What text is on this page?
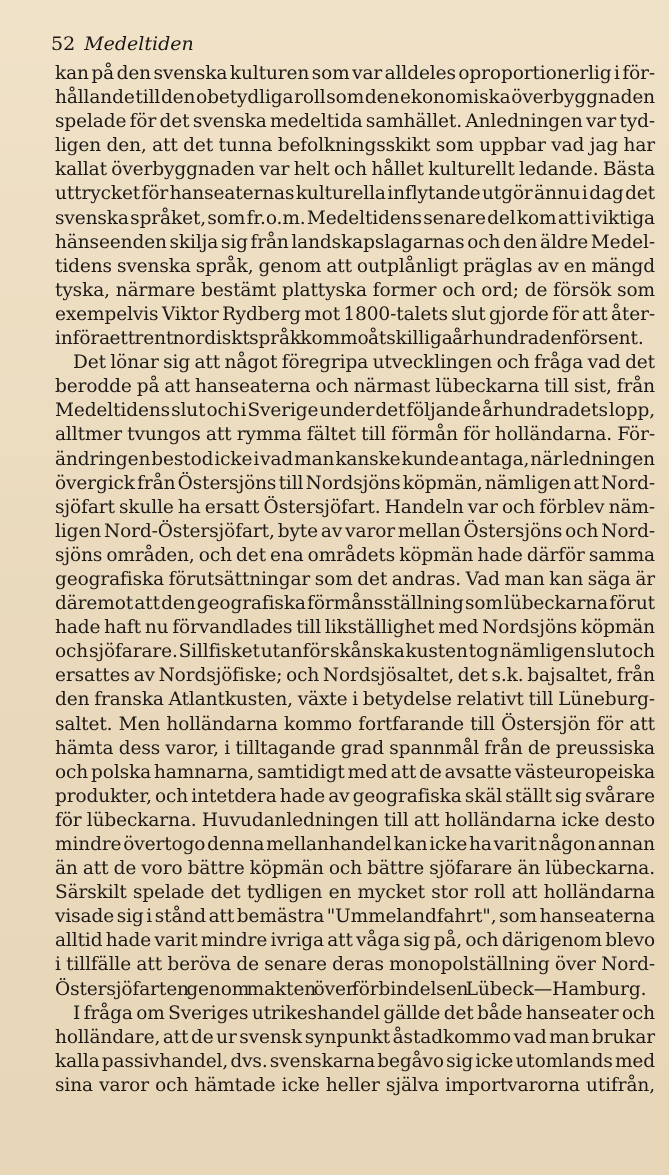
52 Medeltiden
kan på den svenska kulturen som var alldeles oproportionerlig i för-
hållande till den obetydliga roll som den ekonomiska överbyggnaden
spelade för det svenska medeltida samhället. Anledningen var tyd-
ligen den, att det tunna befolkningsskikt som uppbar vad jag har
kallat överbyggnaden var helt och hållet kulturellt ledande. Bästa
uttrycket för hanseaternas kulturella inflytande utgör ännu i dag det
svenska språket, som fr.o.m. Medeltidens senare del kom att i viktiga
hänseenden skilja sig från landskapslagarnas och den äldre Medel-
tidens svenska språk, genom att outplånligt präglas av en mängd
tyska, närmare bestämt plattyska former och ord; de försök som
exempelvis Viktor Rydberg mot 1800-talets slut gjorde för att åter-
införa ett rent nordiskt språk kommo åtskilliga århundraden för sent.
Det lönar sig att något föregripa utvecklingen och fråga vad det
berodde på att hanseaterna och närmast lübeckarna till sist, från
Medeltidens slut och i Sverige under det följande århundradets lopp,
alltmer tvungos att rymma fältet till förmån för holländarna. För-
ändringen bestod icke i vad man kanske kunde antaga, när ledningen
övergick från Östersjöns till Nordsjöns köpmän, nämligen att Nord-
sjöfart skulle ha ersatt Östersjöfart. Handeln var och förblev näm-
ligen Nord-Östersjöfart, byte av varor mellan Östersjöns och Nord-
sjöns områden, och det ena områdets köpmän hade därför samma
geografiska förutsättningar som det andras. Vad man kan säga är
däremot att den geografiska förmånsställning som lübeckarna förut
hade haft nu förvandlades till likställighet med Nordsjöns köpmän
och sjöfarare. Sillfisket utanför skånska kusten tog nämligen slut och
ersattes av Nordsjöfiske; och Nordsjösaltet, det s.k. bajsaltet, från
den franska Atlantkusten, växte i betydelse relativt till Lüneburg-
saltet. Men holländarna kommo fortfarande till Östersjön för att
hämta dess varor, i tilltagande grad spannmål från de preussiska
och polska hamnarna, samtidigt med att de avsatte västeuropeiska
produkter, och intetdera hade av geografiska skäl ställt sig svårare
för lübeckarna. Huvudanledningen till att holländarna icke desto
mindre övertogo denna mellanhandel kan icke ha varit någon annan
än att de voro bättre köpmän och bättre sjöfarare än lübeckarna.
Särskilt spelade det tydligen en mycket stor roll att holländarna
visade sig i stånd att bemästra "Ummelandfahrt", som hanseaterna
alltid hade varit mindre ivriga att våga sig på, och därigenom blevo
i tillfälle att beröva de senare deras monopolställning över Nord-
Östersjöfarten genom makten över förbindelsen Lübeck—Hamburg.
I fråga om Sveriges utrikeshandel gällde det både hanseater och
holländare, att de ur svensk synpunkt åstadkommo vad man brukar
kalla passivhandel, dvs. svenskarna begåvo sig icke utomlands med
sina varor och hämtade icke heller själva importvarorna utifrån,
